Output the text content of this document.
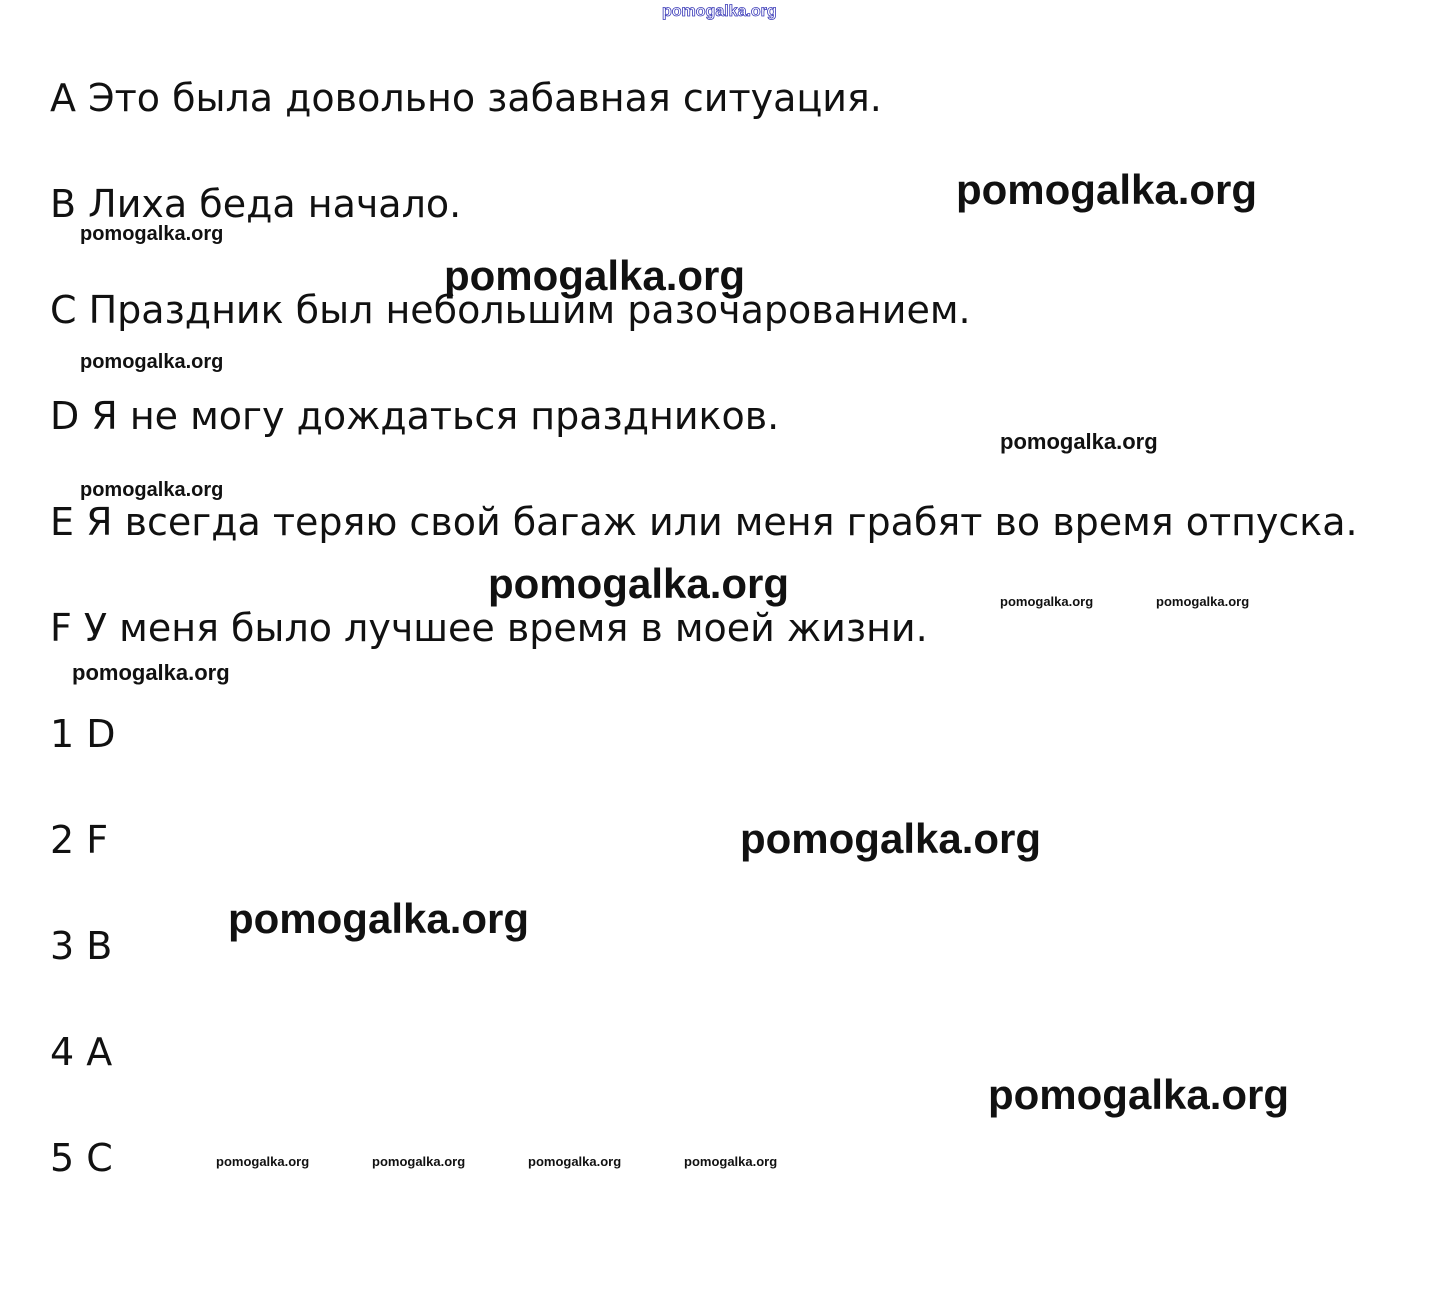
pomogalka.org
A Это была довольно забавная ситуация.
B Лиха беда начало.
C Праздник был небольшим разочарованием.
D Я не могу дождаться праздников.
E Я всегда теряю свой багаж или меня грабят во время отпуска.
F У меня было лучшее время в моей жизни.
1 D
2 F
3 B
4 A
5 C
pomogalka.org
pomogalka.org
pomogalka.org
pomogalka.org
pomogalka.org
pomogalka.org
pomogalka.org	pomogalka.org	pomogalka.org
pomogalka.org
pomogalka.org
pomogalka.org
pomogalka.org
pomogalka.org	pomogalka.org	pomogalka.org	pomogalka.org
